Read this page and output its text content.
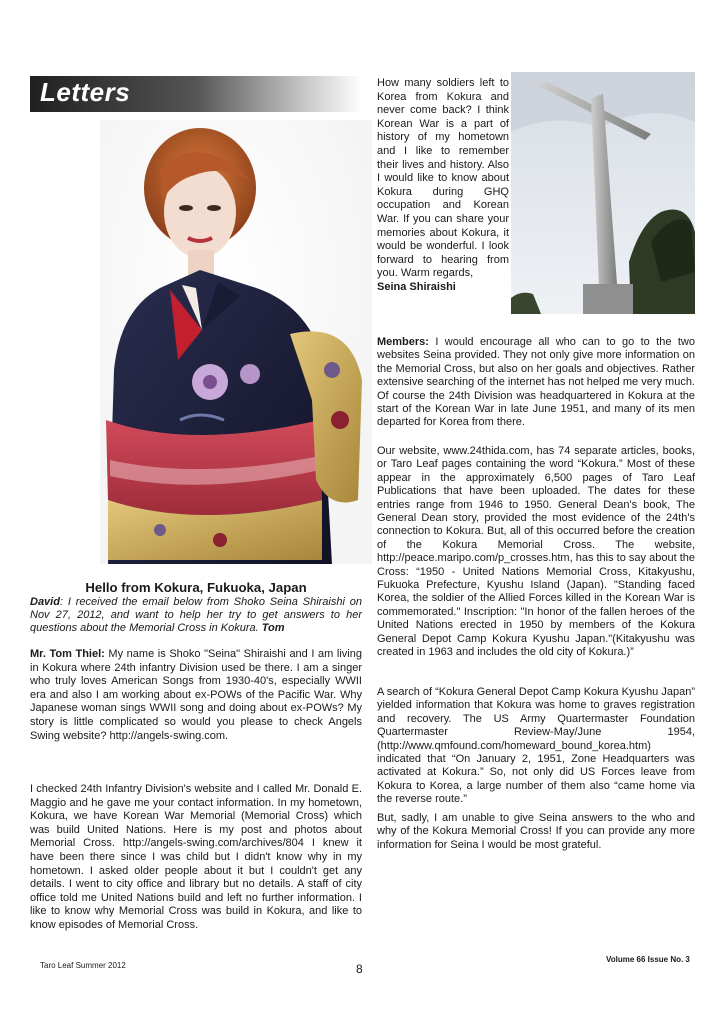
Letters
Hello from Kokura, Fukuoka, Japan
David: I received the email below from Shoko Seina Shiraishi on Nov 27, 2012, and want to help her try to get answers to her questions about the Memorial Cross in Kokura. Tom
Mr. Tom Thiel: My name is Shoko "Seina" Shiraishi and I am living in Kokura where 24th infantry Division used be there. I am a singer who truly loves American Songs from 1930-40's, especially WWII era and also I am working about ex-POWs of the Pacific War. Why Japanese woman sings WWII song and doing about ex-POWs? My story is little complicated so would you please to check Angels Swing website? http://angels-swing.com.
I checked 24th Infantry Division's website and I called Mr. Donald E. Maggio and he gave me your contact information. In my hometown, Kokura, we have Korean War Memorial (Memorial Cross) which was build United Nations. Here is my post and photos about Memorial Cross. http://angels-swing.com/archives/804 I knew it have been there since I was child but I didn't know why in my hometown. I asked older people about it but I couldn't get any details. I went to city office and library but no details. A staff of city office told me United Nations build and left no further information. I like to know why Memorial Cross was build in Kokura, and like to know episodes of Memorial Cross.
How many soldiers left to Korea from Kokura and never come back? I think Korean War is a part of history of my hometown and I like to remember their lives and history. Also I would like to know about Kokura during GHQ occupation and Korean War. If you can share your memories about Kokura, it would be wonderful. I look forward to hearing from you. Warm regards,
Seina Shiraishi
Members: I would encourage all who can to go to the two websites Seina provided. They not only give more information on the Memorial Cross, but also on her goals and objectives. Rather extensive searching of the internet has not helped me very much. Of course the 24th Division was headquartered in Kokura at the start of the Korean War in late June 1951, and many of its men departed for Korea from there.
Our website, www.24thida.com, has 74 separate articles, books, or Taro Leaf pages containing the word “Kokura.” Most of these appear in the approximately 6,500 pages of Taro Leaf Publications that have been uploaded. The dates for these entries range from 1946 to 1950. General Dean's book, The General Dean story, provided the most evidence of the 24th's connection to Kokura. But, all of this occurred before the creation of the Kokura Memorial Cross. The website, http://peace.maripo.com/p_crosses.htm, has this to say about the Cross: “1950 - United Nations Memorial Cross, Kitakyushu, Fukuoka Prefecture, Kyushu Island (Japan). "Standing faced Korea, the soldier of the Allied Forces killed in the Korean War is commemorated." Inscription: "In honor of the fallen heroes of the United Nations erected in 1950 by members of the Kokura General Depot Camp Kokura Kyushu Japan."(Kitakyushu was created in 1963 and includes the old city of Kokura.)”
A search of “Kokura General Depot Camp Kokura Kyushu Japan” yielded information that Kokura was home to graves registration and recovery. The US Army Quartermaster Foundation Quartermaster Review-May/June 1954, (http://www.qmfound.com/homeward_bound_korea.htm) indicated that “On January 2, 1951, Zone Headquarters was activated at Kokura.” So, not only did US Forces leave from Kokura to Korea, a large number of them also “came home via the reverse route.”
But, sadly, I am unable to give Seina answers to the who and why of the Kokura Memorial Cross! If you can provide any more information for Seina I would be most grateful.
Taro Leaf Summer 2012	8
Volume 66 Issue No. 3
